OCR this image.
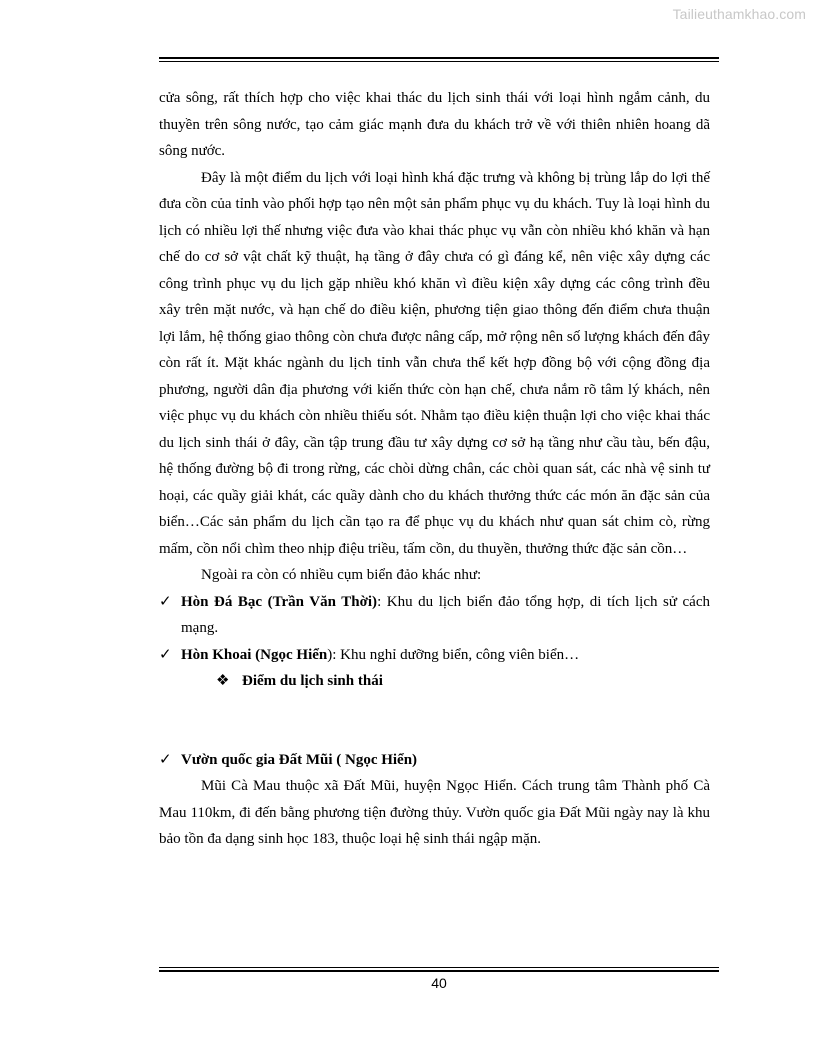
Tailieuthamkhao.com

cửa sông, rất thích hợp cho việc khai thác du lịch sinh thái với loại hình ngắm cảnh, du thuyền trên sông nước, tạo cảm giác mạnh đưa du khách trở về với thiên nhiên hoang dã sông nước.

Đây là một điểm du lịch với loại hình khá đặc trưng và không bị trùng lắp do lợi thế đưa cồn của tỉnh vào phối hợp tạo nên một sản phẩm phục vụ du khách. Tuy là loại hình du lịch có nhiều lợi thế nhưng việc đưa vào khai thác phục vụ vẫn còn nhiều khó khăn và hạn chế do cơ sở vật chất kỹ thuật, hạ tầng ở đây chưa có gì đáng kể, nên việc xây dựng các công trình phục vụ du lịch gặp nhiều khó khăn vì điều kiện xây dựng các công trình đều xây trên mặt nước, và hạn chế do điều kiện, phương tiện giao thông đến điểm chưa thuận lợi lắm, hệ thống giao thông còn chưa được nâng cấp, mở rộng nên số lượng khách đến đây còn rất ít. Mặt khác ngành du lịch tỉnh vẫn chưa thể kết hợp đồng bộ với cộng đồng địa phương, người dân địa phương với kiến thức còn hạn chế, chưa nắm rõ tâm lý khách, nên việc phục vụ du khách còn nhiều thiếu sót. Nhằm tạo điều kiện thuận lợi cho việc khai thác du lịch sinh thái ở đây, cần tập trung đầu tư xây dựng cơ sở hạ tầng như cầu tàu, bến đậu, hệ thống đường bộ đi trong rừng, các chòi dừng chân, các chòi quan sát, các nhà vệ sinh tư hoại, các quầy giải khát, các quầy dành cho du khách thưởng thức các món ăn đặc sản của biển…Các sản phẩm du lịch cần tạo ra để phục vụ du khách như quan sát chim cò, rừng mấm, cồn nổi chìm theo nhịp điệu triều, tấm cồn, du thuyền, thưởng thức đặc sản cồn…

Ngoài ra còn có nhiều cụm biển đảo khác như:

✓ Hòn Đá Bạc (Trần Văn Thời): Khu du lịch biển đảo tổng hợp, di tích lịch sử cách mạng.

✓ Hòn Khoai (Ngọc Hiển): Khu nghỉ dưỡng biển, công viên biển…

❖ Điểm du lịch sinh thái

✓ Vườn quốc gia Đất Mũi ( Ngọc Hiển)

Mũi Cà Mau thuộc xã Đất Mũi, huyện Ngọc Hiển. Cách trung tâm Thành phố Cà Mau 110km, đi đến bằng phương tiện đường thủy. Vườn quốc gia Đất Mũi ngày nay là khu bảo tồn đa dạng sinh học 183, thuộc loại hệ sinh thái ngập mặn.

40
